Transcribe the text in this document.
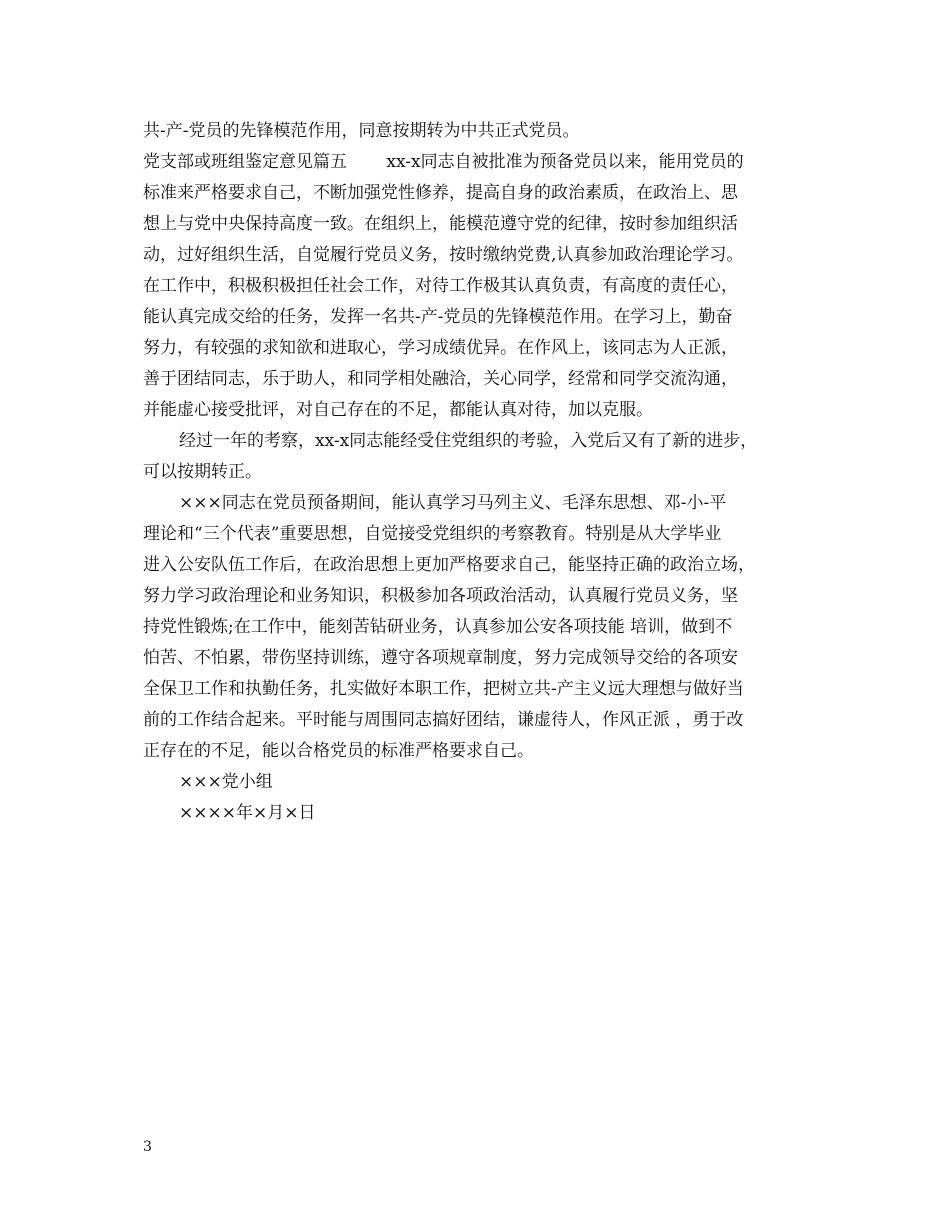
共-产-党员的先锋模范作用，同意按期转为中共正式党员。
党支部或班组鉴定意见篇五　　 xx-x同志自被批准为预备党员以来，能用党员的
标准来严格要求自己，不断加强党性修养，提高自身的政治素质，在政治上、思
想上与党中央保持高度一致。在组织上，能模范遵守党的纪律，按时参加组织活
动，过好组织生活，自觉履行党员义务，按时缴纳党费,认真参加政治理论学习。
在工作中，积极积极担任社会工作，对待工作极其认真负责，有高度的责任心，
能认真完成交给的任务，发挥一名共-产-党员的先锋模范作用。在学习上，勤奋
努力，有较强的求知欲和进取心，学习成绩优异。在作风上，该同志为人正派，
善于团结同志，乐于助人，和同学相处融洽，关心同学，经常和同学交流沟通，
并能虚心接受批评，对自己存在的不足，都能认真对待，加以克服。
经过一年的考察，xx-x同志能经受住党组织的考验，入党后又有了新的进步，
可以按期转正。
×××同志在党员预备期间，能认真学习马列主义、毛泽东思想、邓-小-平
理论和“三个代表”重要思想，自觉接受党组织的考察教育。特别是从大学毕业
进入公安队伍工作后，在政治思想上更加严格要求自己，能坚持正确的政治立场，
努力学习政治理论和业务知识，积极参加各项政治活动，认真履行党员义务，坚
持党性锻炼;在工作中，能刻苦钻研业务，认真参加公安各项技能 培训，做到不
怕苦、不怕累，带伤坚持训练，遵守各项规章制度，努力完成领导交给的各项安
全保卫工作和执勤任务，扎实做好本职工作，把树立共-产主义远大理想与做好当
前的工作结合起来。平时能与周围同志搞好团结，谦虚待人，作风正派 ，勇于改
正存在的不足，能以合格党员的标准严格要求自己。
×××党小组
××××年×月×日
3
